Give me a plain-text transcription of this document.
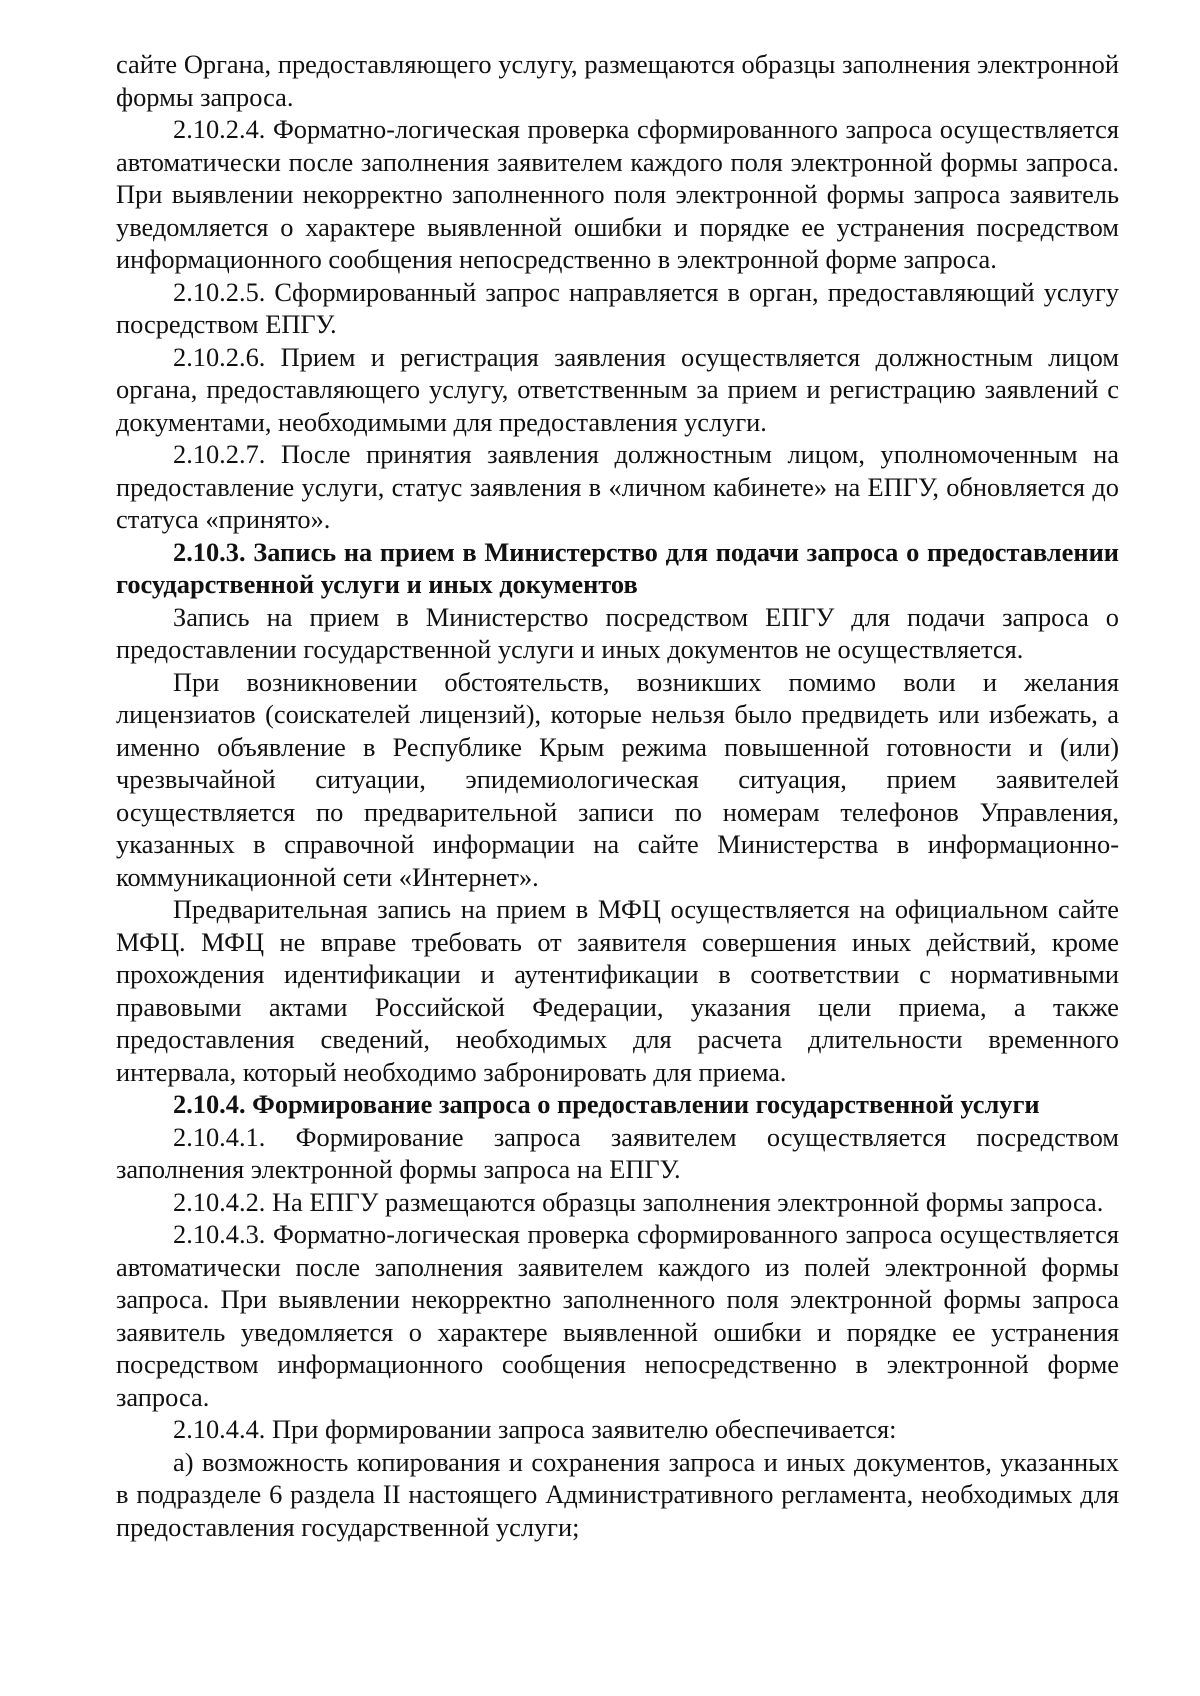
сайте Органа, предоставляющего услугу, размещаются образцы заполнения электронной формы запроса.

2.10.2.4. Форматно-логическая проверка сформированного запроса осуществляется автоматически после заполнения заявителем каждого поля электронной формы запроса. При выявлении некорректно заполненного поля электронной формы запроса заявитель уведомляется о характере выявленной ошибки и порядке ее устранения посредством информационного сообщения непосредственно в электронной форме запроса.

2.10.2.5. Сформированный запрос направляется в орган, предоставляющий услугу посредством ЕПГУ.

2.10.2.6. Прием и регистрация заявления осуществляется должностным лицом органа, предоставляющего услугу, ответственным за прием и регистрацию заявлений с документами, необходимыми для предоставления услуги.

2.10.2.7. После принятия заявления должностным лицом, уполномоченным на предоставление услуги, статус заявления в «личном кабинете» на ЕПГУ, обновляется до статуса «принято».

2.10.3. Запись на прием в Министерство для подачи запроса о предоставлении государственной услуги и иных документов

Запись на прием в Министерство посредством ЕПГУ для подачи запроса о предоставлении государственной услуги и иных документов не осуществляется.

При возникновении обстоятельств, возникших помимо воли и желания лицензиатов (соискателей лицензий), которые нельзя было предвидеть или избежать, а именно объявление в Республике Крым режима повышенной готовности и (или) чрезвычайной ситуации, эпидемиологическая ситуация, прием заявителей осуществляется по предварительной записи по номерам телефонов Управления, указанных в справочной информации на сайте Министерства в информационно-коммуникационной сети «Интернет».

Предварительная запись на прием в МФЦ осуществляется на официальном сайте МФЦ. МФЦ не вправе требовать от заявителя совершения иных действий, кроме прохождения идентификации и аутентификации в соответствии с нормативными правовыми актами Российской Федерации, указания цели приема, а также предоставления сведений, необходимых для расчета длительности временного интервала, который необходимо забронировать для приема.

2.10.4. Формирование запроса о предоставлении государственной услуги

2.10.4.1. Формирование запроса заявителем осуществляется посредством заполнения электронной формы запроса на ЕПГУ.

2.10.4.2. На ЕПГУ размещаются образцы заполнения электронной формы запроса.

2.10.4.3. Форматно-логическая проверка сформированного запроса осуществляется автоматически после заполнения заявителем каждого из полей электронной формы запроса. При выявлении некорректно заполненного поля электронной формы запроса заявитель уведомляется о характере выявленной ошибки и порядке ее устранения посредством информационного сообщения непосредственно в электронной форме запроса.

2.10.4.4. При формировании запроса заявителю обеспечивается:

а) возможность копирования и сохранения запроса и иных документов, указанных в подразделе 6 раздела II настоящего Административного регламента, необходимых для предоставления государственной услуги;
